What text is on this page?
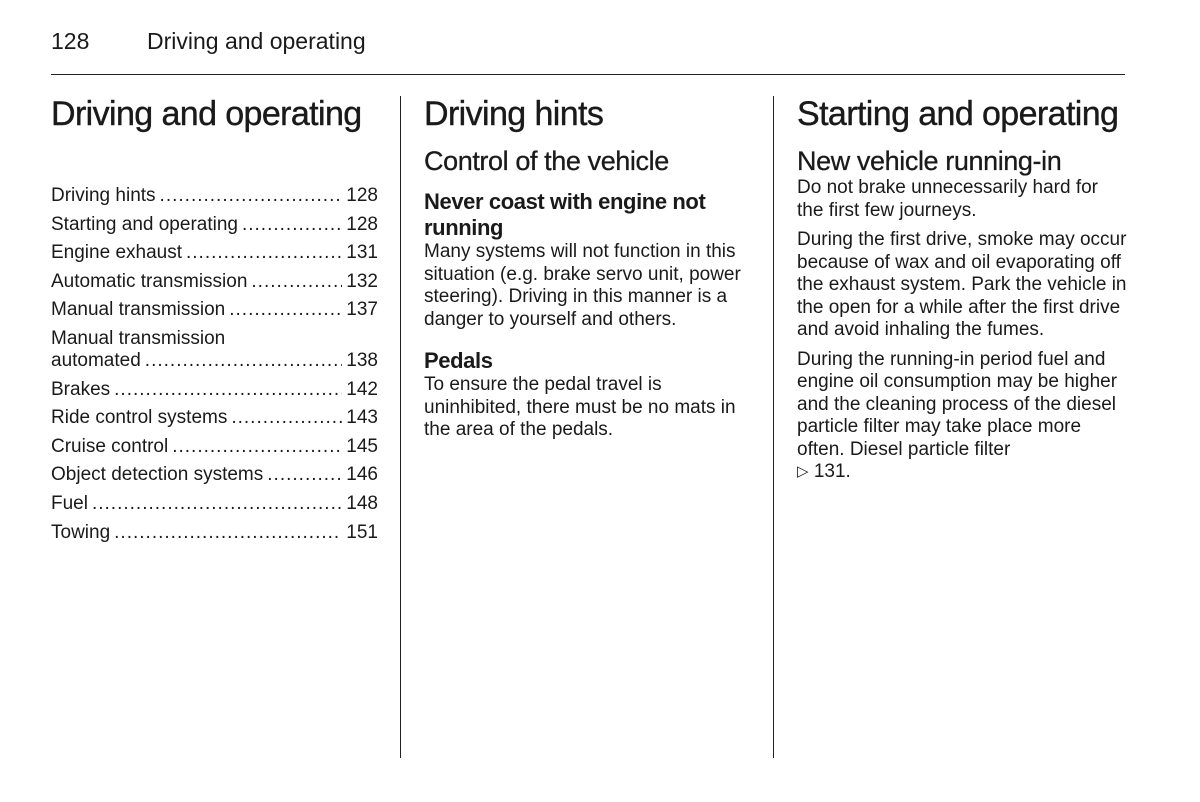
128	Driving and operating
Driving and operating
Driving hints .....	128
Starting and operating .....	128
Engine exhaust .....	131
Automatic transmission .....	132
Manual transmission .....	137
Manual transmission
automated .....	138
Brakes .....	142
Ride control systems .....	143
Cruise control .....	145
Object detection systems .....	146
Fuel .....	148
Towing .....	151
Driving hints
Control of the vehicle
Never coast with engine not running

Many systems will not function in this situation (e.g. brake servo unit, power steering). Driving in this manner is a danger to yourself and others.

Pedals

To ensure the pedal travel is uninhibited, there must be no mats in the area of the pedals.

Starting and operating
New vehicle running-in

Do not brake unnecessarily hard for the first few journeys.

During the first drive, smoke may occur because of wax and oil evaporating off the exhaust system. Park the vehicle in the open for a while after the first drive and avoid inhaling the fumes.

During the running-in period fuel and engine oil consumption may be higher and the cleaning process of the diesel particle filter may take place more often. Diesel particle filter
▷ 131.
